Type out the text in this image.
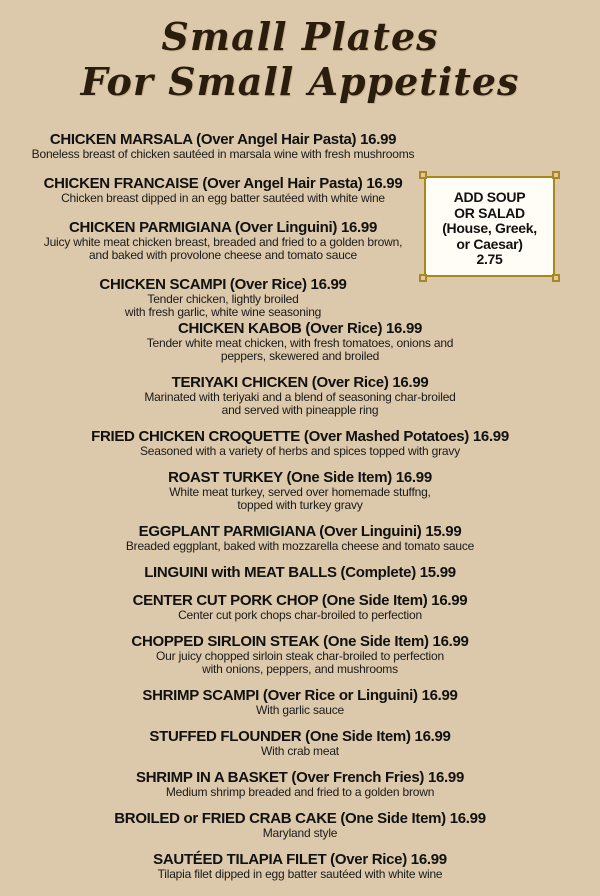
Small Plates
For Small Appetites
CHICKEN MARSALA (Over Angel Hair Pasta) 16.99
Boneless breast of chicken sautéed in marsala wine with fresh mushrooms
CHICKEN FRANCAISE (Over Angel Hair Pasta) 16.99
Chicken breast dipped in an egg batter sautéed with white wine
CHICKEN PARMIGIANA (Over Linguini) 16.99
Juicy white meat chicken breast, breaded and fried to a golden brown,
and baked with provolone cheese and tomato sauce
CHICKEN SCAMPI (Over Rice) 16.99
Tender chicken, lightly broiled
with fresh garlic, white wine seasoning
ADD SOUP
OR SALAD
(House, Greek,
or Caesar)
2.75
CHICKEN KABOB (Over Rice) 16.99
Tender white meat chicken, with fresh tomatoes, onions and
peppers, skewered and broiled
TERIYAKI CHICKEN (Over Rice) 16.99
Marinated with teriyaki and a blend of seasoning char-broiled
and served with pineapple ring
FRIED CHICKEN CROQUETTE (Over Mashed Potatoes) 16.99
Seasoned with a variety of herbs and spices topped with gravy
ROAST TURKEY (One Side Item) 16.99
White meat turkey, served over homemade stuffng,
topped with turkey gravy
EGGPLANT PARMIGIANA (Over Linguini) 15.99
Breaded eggplant, baked with mozzarella cheese and tomato sauce
LINGUINI with MEAT BALLS (Complete) 15.99
CENTER CUT PORK CHOP (One Side Item) 16.99
Center cut pork chops char-broiled to perfection
CHOPPED SIRLOIN STEAK (One Side Item) 16.99
Our juicy chopped sirloin steak char-broiled to perfection
with onions, peppers, and mushrooms
SHRIMP SCAMPI (Over Rice or Linguini) 16.99
With garlic sauce
STUFFED FLOUNDER (One Side Item) 16.99
With crab meat
SHRIMP IN A BASKET (Over French Fries) 16.99
Medium shrimp breaded and fried to a golden brown
BROILED or FRIED CRAB CAKE (One Side Item) 16.99
Maryland style
SAUTÉED TILAPIA FILET (Over Rice) 16.99
Tilapia filet dipped in egg batter sautéed with white wine
